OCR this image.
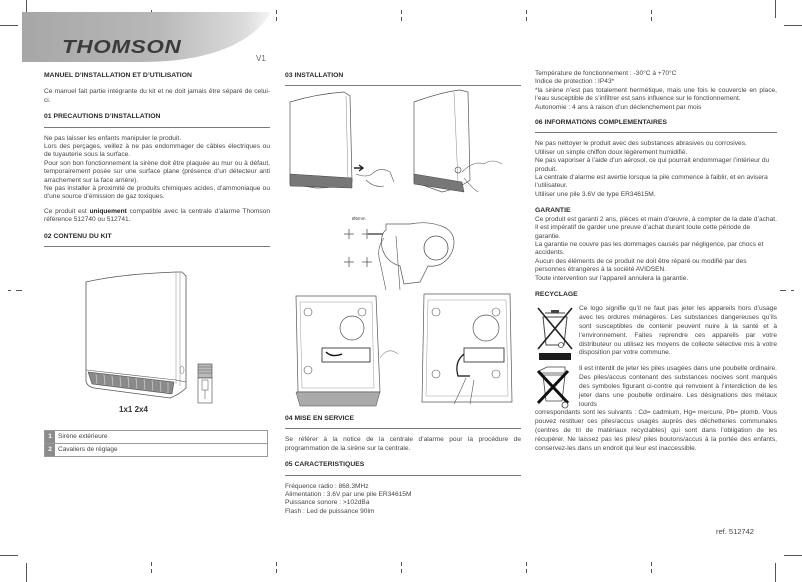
THOMSON
V1

MANUEL D’INSTALLATION ET D’UTILISATION

Ce manuel fait partie intégrante du kit et ne doit jamais être séparé de celui-ci.

01 PRECAUTIONS D’INSTALLATION

Ne pas laisser les enfants manipuler le produit.

Lors des perçages, veillez à ne pas endommager de câbles électriques ou de tuyauterie sous la surface.

Pour son bon fonctionnement la sirène doit être plaquée au mur ou à défaut, temporairement posée sur une surface plane (présence d’un détecteur anti arrachement sur la face arrière).

Ne pas installer à proximité de produits chimiques acides, d’ammoniaque ou d’une source d’émission de gaz toxiques.

Ce produit est uniquement compatible avec la centrale d’alarme Thomson référence 512740 ou 512741.

02 CONTENU DU KIT

1x1 2x4
1 Sirène extérieure
2 Cavaliers de réglage

03 INSTALLATION

Ø6mm

04 MISE EN SERVICE

Se référer à la notice de la centrale d’alarme pour la procédure de programmation de la sirène sur la centrale.

05 CARACTERISTIQUES

Fréquence radio : 868.3MHz

Alimentation : 3.6V par une pile ER34615M

Puissance sonore : >102dBa

Flash : Led de puissance 90lm

Température de fonctionnement : -30°C à +70°C

Indice de protection : IP43*

*la sirène n’est pas totalement hermétique, mais une fois le couvercle en place, l’eau susceptible de s’infiltrer est sans influence sur le fonctionnement.

Autonomie : 4 ans à raison d’un déclenchement par mois

06 INFORMATIONS COMPLEMENTAIRES

Ne pas nettoyer le produit avec des substances abrasives ou corrosives.

Utiliser un simple chiffon doux légèrement humidifié.

Ne pas vaporiser à l’aide d’un aérosol, ce qui pourrait endommager l’intérieur du produit.

La centrale d’alarme est avertie lorsque la pile commence à faiblir, et en avisera l’utilisateur.

Utiliser une pile 3.6V de type ER34615M.

GARANTIE

Ce produit est garanti 2 ans, pièces et main d’œuvre, à compter de la date d’achat. Il est impératif de garder une preuve d’achat durant toute cette période de garantie.

La garantie ne couvre pas les dommages causés par négligence, par chocs et accidents.

Aucun des éléments de ce produit ne doit être réparé ou modifié par des personnes étrangères à la société AVIDSEN.

Toute intervention sur l’appareil annulera la garantie.

RECYCLAGE

Ce logo signifie qu’il ne faut pas jeter les appareils hors d’usage avec les ordures ménagères. Les substances dangereuses qu’ils sont susceptibles de contenir peuvent nuire à la santé et à l’environnement. Faites reprendre ces appareils par votre distributeur ou utilisez les moyens de collecte sélective mis à votre disposition par votre commune.

Il est interdit de jeter les piles usagées dans une poubelle ordinaire. Des piles/accus contenant des substances nocives sont marqués des symboles figurant ci-contre qui renvoient à l’interdiction de les jeter dans une poubelle ordinaire. Les désignations des métaux lourds

correspondants sont les suivants : Cd= cadmium, Hg= mercure, Pb= plomb. Vous pouvez restituer ces piles/accus usagés auprès des déchetteries communales (centres de tri de matériaux recyclables) qui sont dans l’obligation de les récupérer. Ne laissez pas les piles/ piles boutons/accus à la portée des enfants, conservez-les dans un endroit qui leur est inaccessible.

ref. 512742
